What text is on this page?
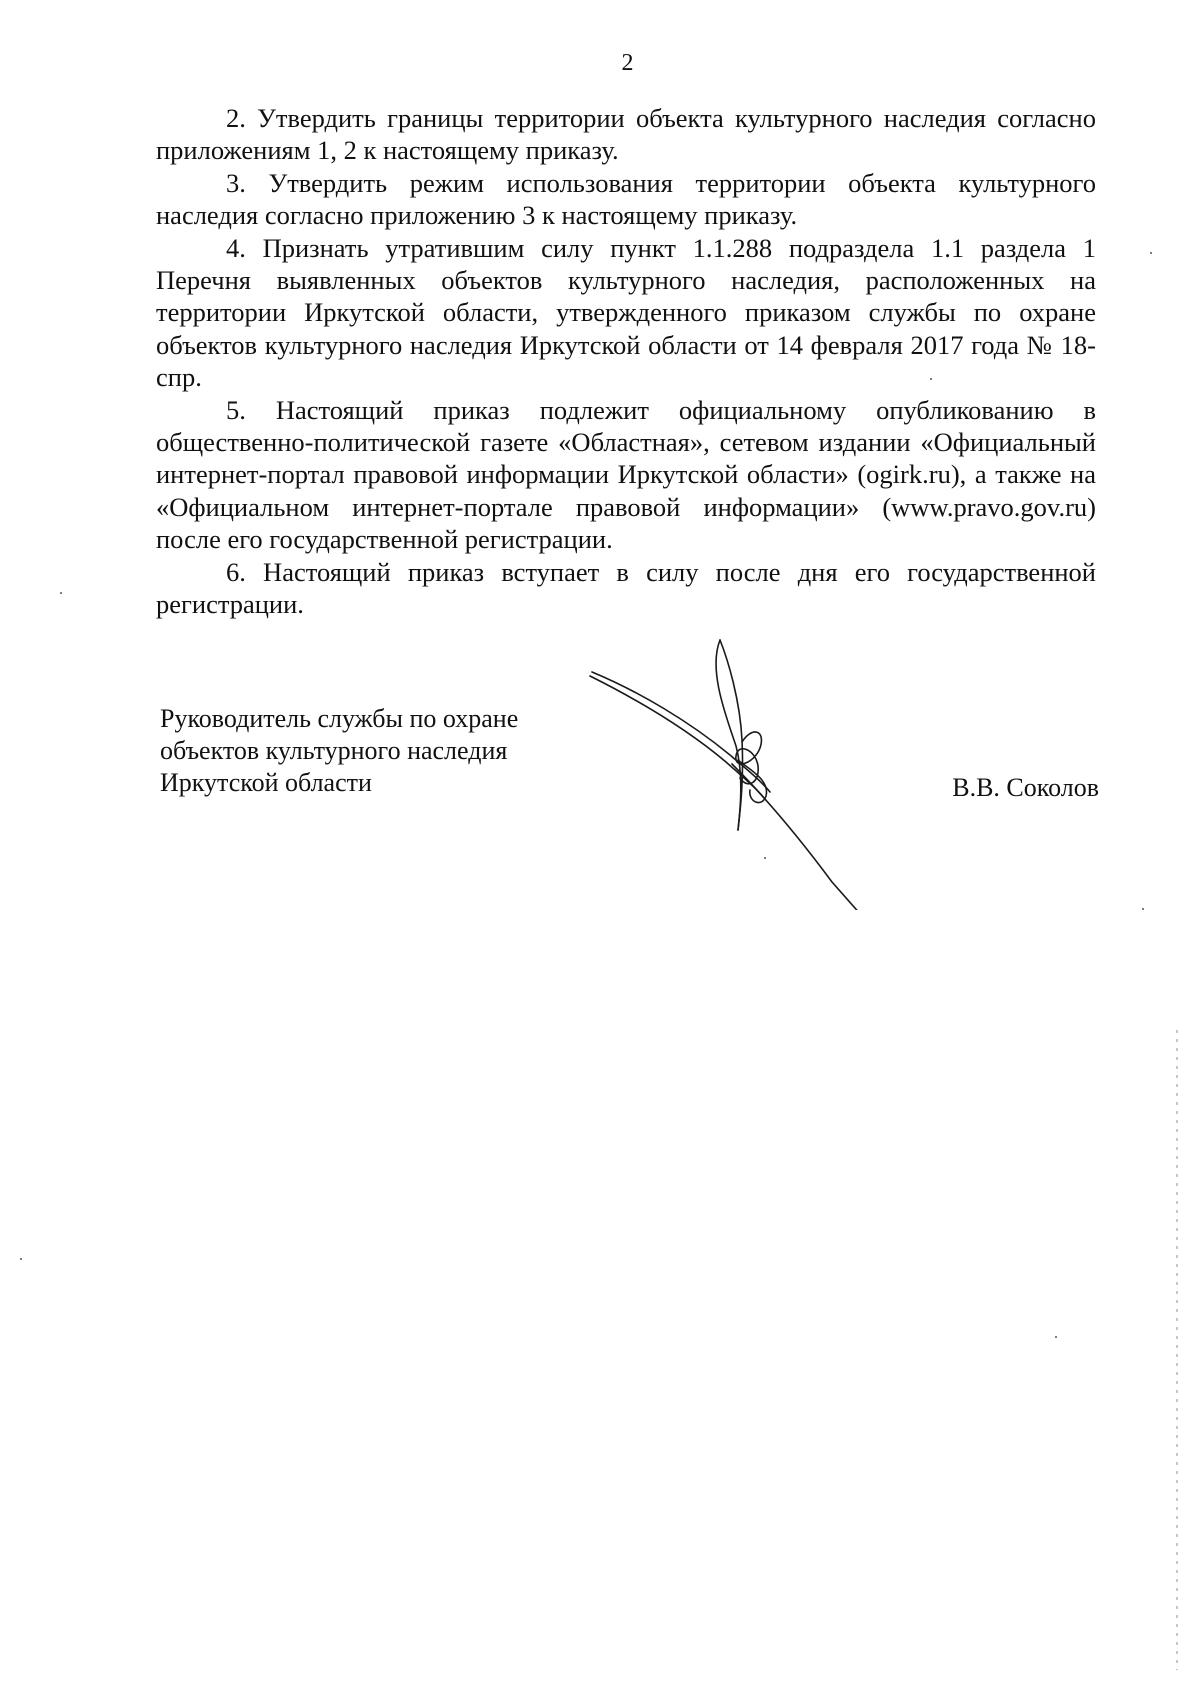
2

2. Утвердить границы территории объекта культурного наследия согласно приложениям 1, 2 к настоящему приказу.

3. Утвердить режим использования территории объекта культурного наследия согласно приложению 3 к настоящему приказу.

4. Признать утратившим силу пункт 1.1.288 подраздела 1.1 раздела 1 Перечня выявленных объектов культурного наследия, расположенных на территории Иркутской области, утвержденного приказом службы по охране объектов культурного наследия Иркутской области от 14 февраля 2017 года № 18-спр.

5. Настоящий приказ подлежит официальному опубликованию в общественно-политической газете «Областная», сетевом издании «Официальный интернет-портал правовой информации Иркутской области» (ogirk.ru), а также на «Официальном интернет-портале правовой информации» (www.pravo.gov.ru) после его государственной регистрации.

6. Настоящий приказ вступает в силу после дня его государственной регистрации.

Руководитель службы по охране
объектов культурного наследия
Иркутской области	В.В. Соколов
